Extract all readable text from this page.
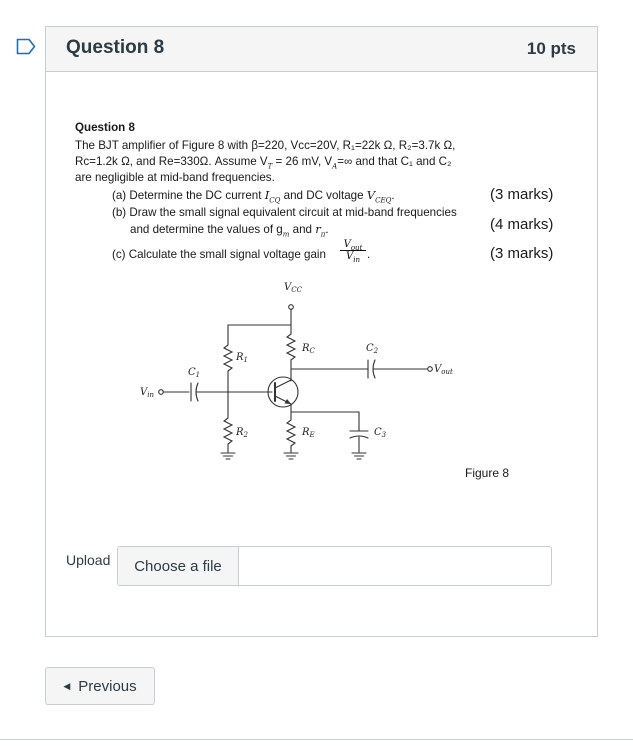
Question 8	10 pts
Question 8
The BJT amplifier of Figure 8 with β=220, Vcc=20V, R₁=22k Ω, R₂=3.7k Ω,
Rc=1.2k Ω, and Re=330Ω. Assume $V_T = 26$ mV, $V_A=\infty$ and that C₁ and C₂
are negligible at mid-band frequencies.
(a) Determine the DC current $I_{CQ}$ and DC voltage $V_{CEQ}$.	(3 marks)
(b) Draw the small signal equivalent circuit at mid-band frequencies
and determine the values of $g_m$ and $r_\pi$.	(4 marks)
(c) Calculate the small signal voltage gain
$V_{out}$
$V_{in}$ .	(3 marks)
$V_{CC}$
$R_1$
$R_C$	$C_2$
$C_1$	$V_{out}$
$V_{in}$
$R_2$	$R_E$	$C_3$
Figure 8
Upload	Choose a file
◀ Previous
